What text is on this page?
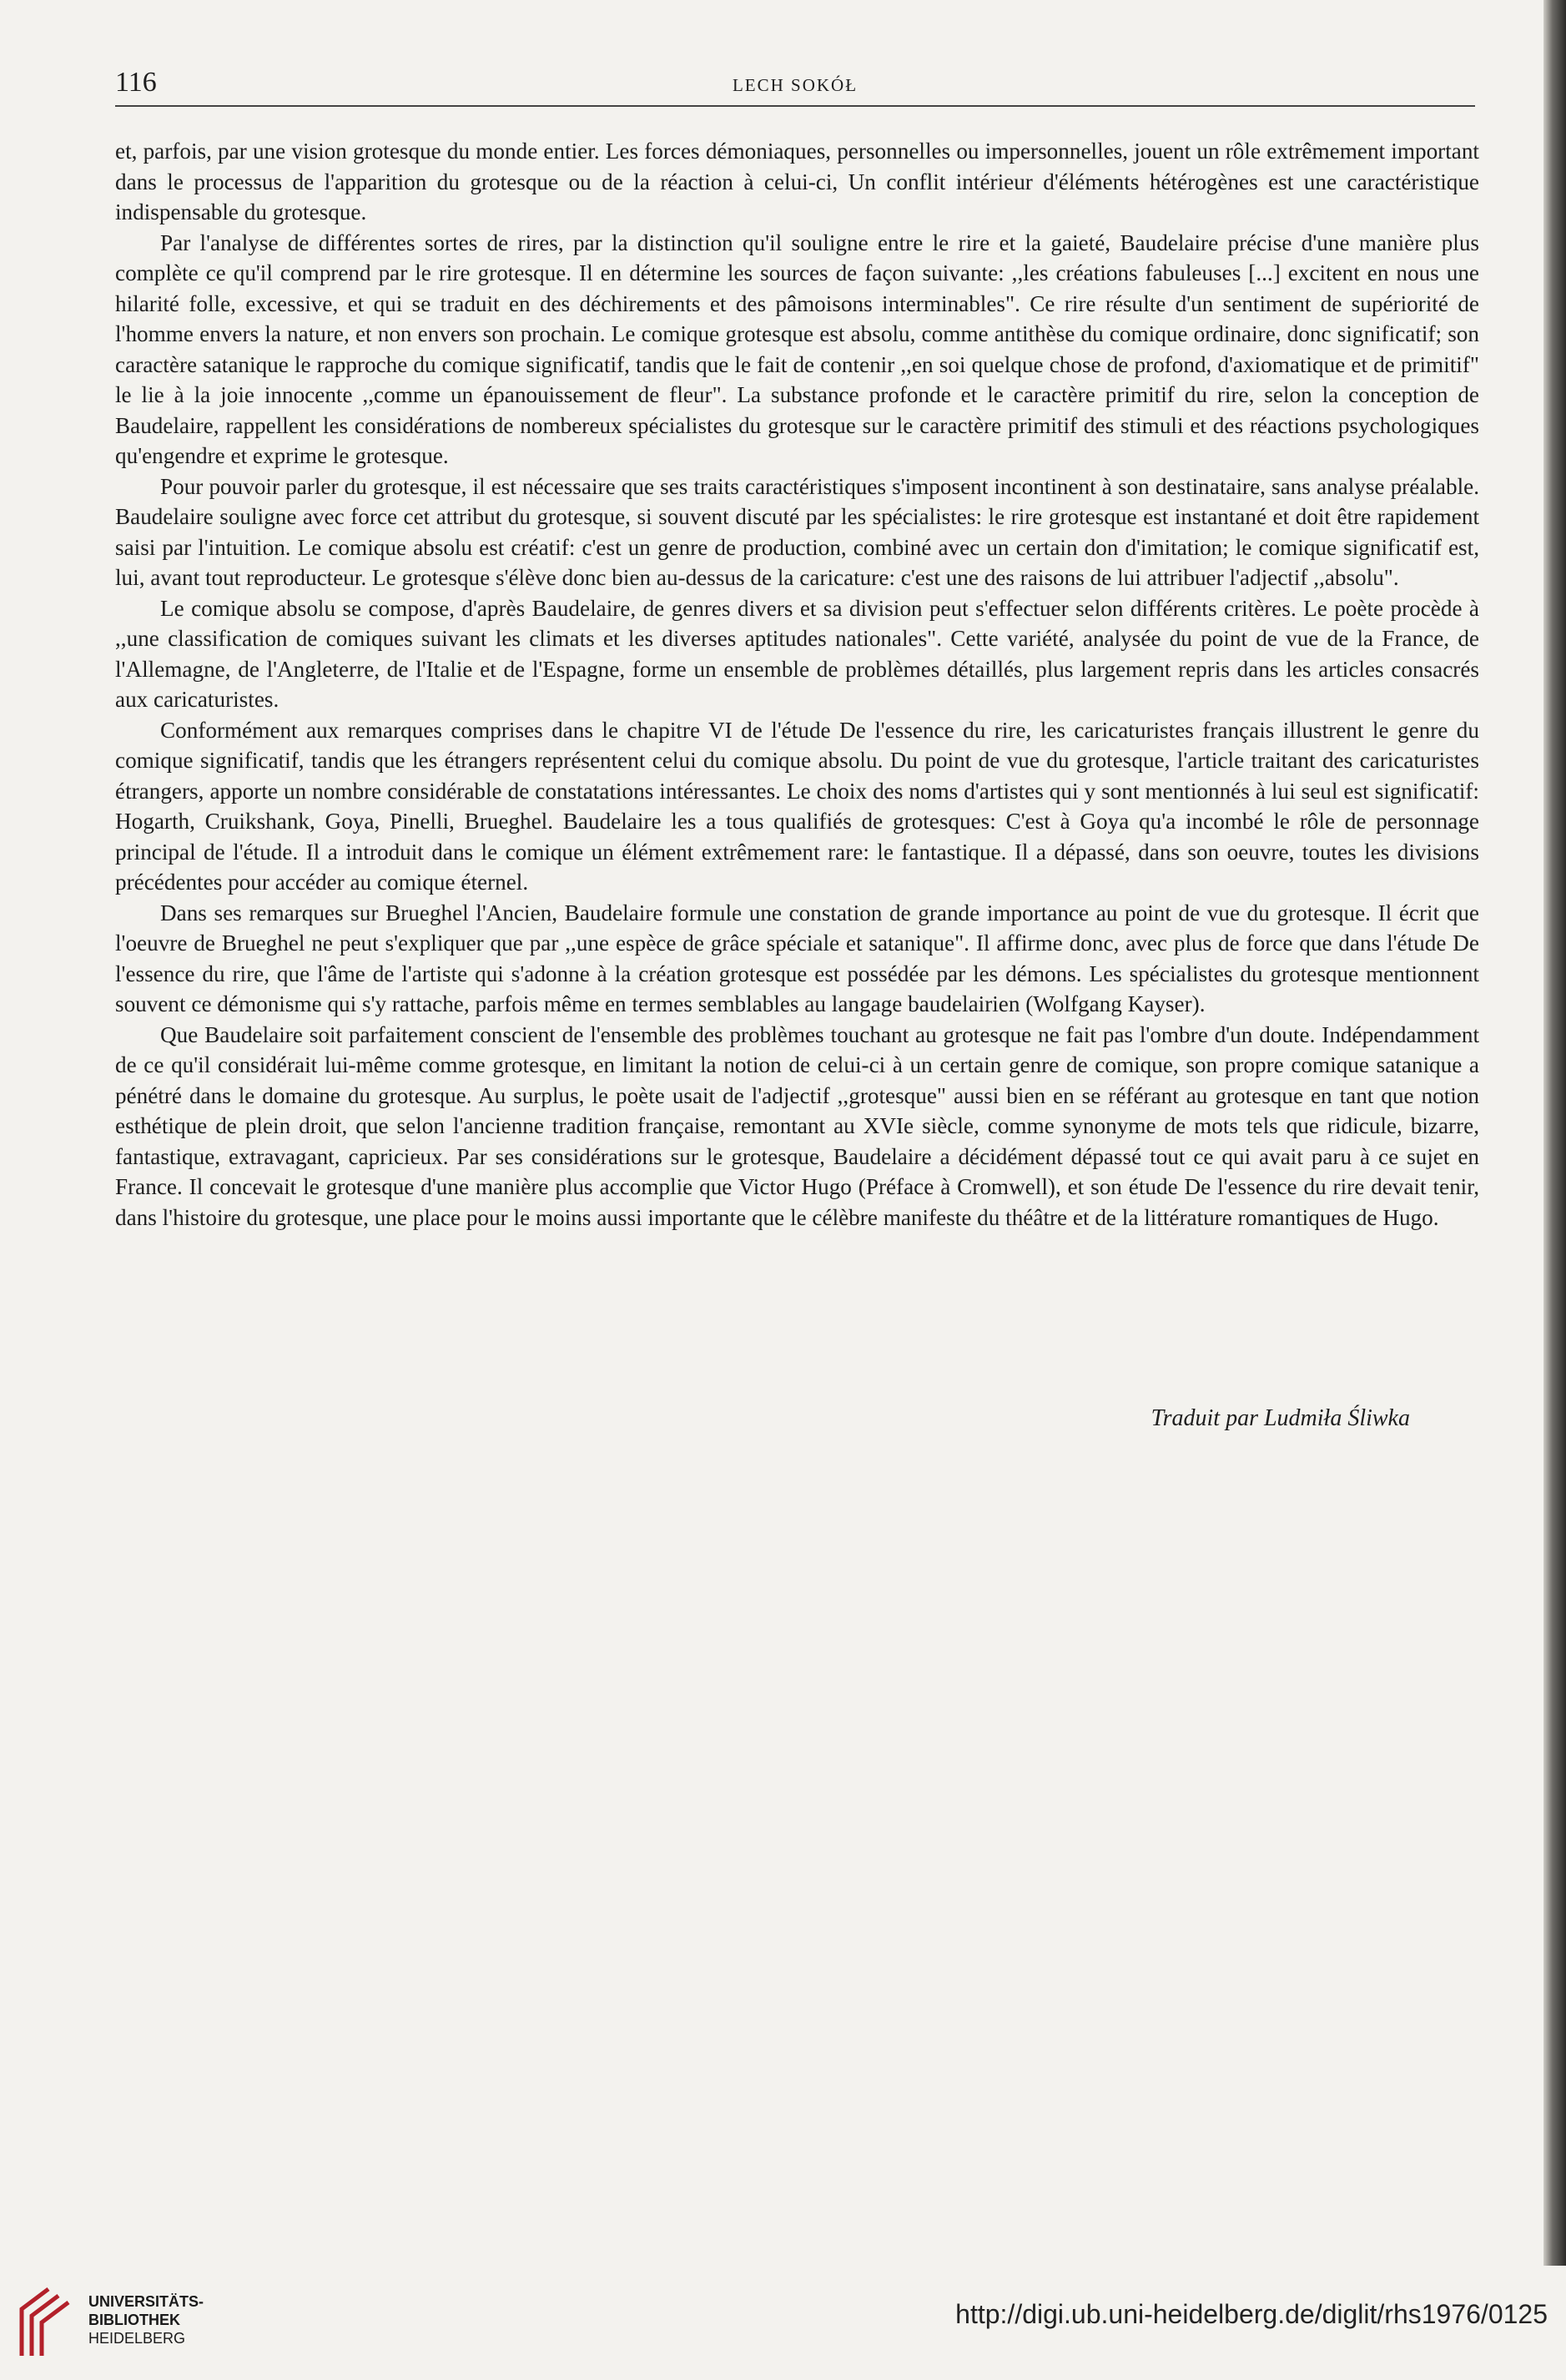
116	LECH SOKÓŁ

et, parfois, par une vision grotesque du monde entier. Les forces démoniaques, personnelles ou impersonnelles, jouent un rôle extrêmement important dans le processus de l'apparition du grotesque ou de la réaction à celui-ci, Un conflit intérieur d'éléments hétérogènes est une caractéristique indispensable du grotesque.

Par l'analyse de différentes sortes de rires, par la distinction qu'il souligne entre le rire et la gaieté, Baudelaire précise d'une manière plus complète ce qu'il comprend par le rire grotesque. Il en détermine les sources de façon suivante: ,,les créations fabuleuses [...] excitent en nous une hilarité folle, excessive, et qui se traduit en des déchirements et des pâmoisons interminables". Ce rire résulte d'un sentiment de supériorité de l'homme envers la nature, et non envers son prochain. Le comique grotesque est absolu, comme antithèse du comique ordinaire, donc significatif; son caractère satanique le rapproche du comique significatif, tandis que le fait de contenir ,,en soi quelque chose de profond, d'axiomatique et de primitif" le lie à la joie innocente ,,comme un épanouissement de fleur". La substance profonde et le caractère primitif du rire, selon la conception de Baudelaire, rappellent les considérations de nombereux spécialistes du grotesque sur le caractère primitif des stimuli et des réactions psychologiques qu'engendre et exprime le grotesque.

Pour pouvoir parler du grotesque, il est nécessaire que ses traits caractéristiques s'imposent incontinent à son destinataire, sans analyse préalable. Baudelaire souligne avec force cet attribut du grotesque, si souvent discuté par les spécialistes: le rire grotesque est instantané et doit être rapidement saisi par l'intuition. Le comique absolu est créatif: c'est un genre de production, combiné avec un certain don d'imitation; le comique significatif est, lui, avant tout reproducteur. Le grotesque s'élève donc bien au-dessus de la caricature: c'est une des raisons de lui attribuer l'adjectif ,,absolu".

Le comique absolu se compose, d'après Baudelaire, de genres divers et sa division peut s'effectuer selon différents critères. Le poète procède à ,,une classification de comiques suivant les climats et les diverses aptitudes nationales". Cette variété, analysée du point de vue de la France, de l'Allemagne, de l'Angleterre, de l'Italie et de l'Espagne, forme un ensemble de problèmes détaillés, plus largement repris dans les articles consacrés aux caricaturistes.

Conformément aux remarques comprises dans le chapitre VI de l'étude De l'essence du rire, les caricaturistes français illustrent le genre du comique significatif, tandis que les étrangers représentent celui du comique absolu. Du point de vue du grotesque, l'article traitant des caricaturistes étrangers, apporte un nombre considérable de constatations intéressantes. Le choix des noms d'artistes qui y sont mentionnés à lui seul est significatif: Hogarth, Cruikshank, Goya, Pinelli, Brueghel. Baudelaire les a tous qualifiés de grotesques: C'est à Goya qu'a incombé le rôle de personnage principal de l'étude. Il a introduit dans le comique un élément extrêmement rare: le fantastique. Il a dépassé, dans son oeuvre, toutes les divisions précédentes pour accéder au comique éternel.

Dans ses remarques sur Brueghel l'Ancien, Baudelaire formule une constation de grande importance au point de vue du grotesque. Il écrit que l'oeuvre de Brueghel ne peut s'expliquer que par ,,une espèce de grâce spéciale et satanique". Il affirme donc, avec plus de force que dans l'étude De l'essence du rire, que l'âme de l'artiste qui s'adonne à la création grotesque est possédée par les démons. Les spécialistes du grotesque mentionnent souvent ce démonisme qui s'y rattache, parfois même en termes semblables au langage baudelairien (Wolfgang Kayser).

Que Baudelaire soit parfaitement conscient de l'ensemble des problèmes touchant au grotesque ne fait pas l'ombre d'un doute. Indépendamment de ce qu'il considérait lui-même comme grotesque, en limitant la notion de celui-ci à un certain genre de comique, son propre comique satanique a pénétré dans le domaine du grotesque. Au surplus, le poète usait de l'adjectif ,,grotesque" aussi bien en se référant au grotesque en tant que notion esthétique de plein droit, que selon l'ancienne tradition française, remontant au XVIe siècle, comme synonyme de mots tels que ridicule, bizarre, fantastique, extravagant, capricieux. Par ses considérations sur le grotesque, Baudelaire a décidément dépassé tout ce qui avait paru à ce sujet en France. Il concevait le grotesque d'une manière plus accomplie que Victor Hugo (Préface à Cromwell), et son étude De l'essence du rire devait tenir, dans l'histoire du grotesque, une place pour le moins aussi importante que le célèbre manifeste du théâtre et de la littérature romantiques de Hugo.

Traduit par Ludmiła Śliwka
UNIVERSITÄTS-
BIBLIOTHEK
HEIDELBERG
http://digi.ub.uni-heidelberg.de/diglit/rhs1976/0125
